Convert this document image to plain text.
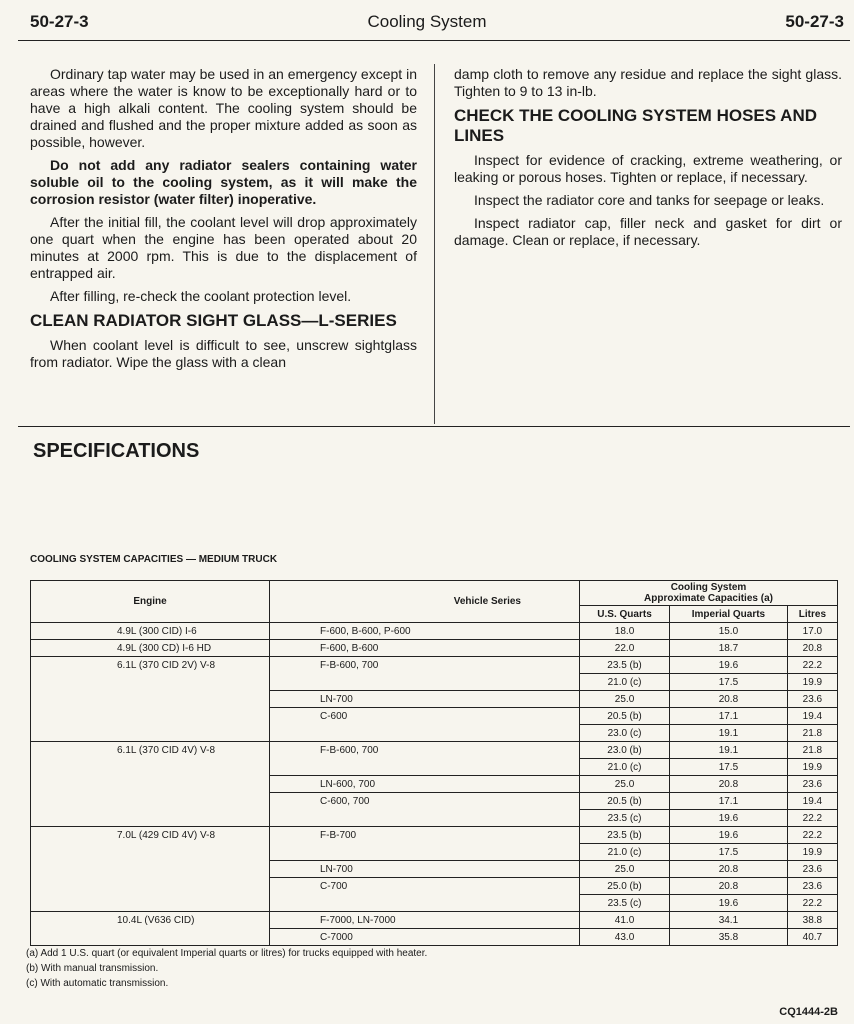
50-27-3	Cooling System	50-27-3

Ordinary tap water may be used in an emergency except in areas where the water is know to be exceptionally hard or to have a high alkali content. The cooling system should be drained and flushed and the proper mixture added as soon as possible, however.

Do not add any radiator sealers containing water soluble oil to the cooling system, as it will make the corrosion resistor (water filter) inoperative.

After the initial fill, the coolant level will drop approximately one quart when the engine has been operated about 20 minutes at 2000 rpm. This is due to the displacement of entrapped air.

After filling, re-check the coolant protection level.

CLEAN RADIATOR SIGHT GLASS—L-SERIES

When coolant level is difficult to see, unscrew sightglass from radiator. Wipe the glass with a clean

damp cloth to remove any residue and replace the sight glass. Tighten to 9 to 13 in-lb.

CHECK THE COOLING SYSTEM HOSES AND LINES

Inspect for evidence of cracking, extreme weathering, or leaking or porous hoses. Tighten or replace, if necessary.

Inspect the radiator core and tanks for seepage or leaks.

Inspect radiator cap, filler neck and gasket for dirt or damage. Clean or replace, if necessary.

SPECIFICATIONS
COOLING SYSTEM CAPACITIES — MEDIUM TRUCK
Engine	Vehicle Series	Cooling System
Approximate Capacities (a)		

		U.S. Quarts	Imperial Quarts	Litres
4.9L (300 CID) I-6	F-600, B-600, P-600	18.0	15.0	17.0
4.9L (300 CD) I-6 HD	F-600, B-600	22.0	18.7	20.8
6.1L (370 CID 2V) V-8	F-B-600, 700	23.5 (b)	19.6	22.2
		21.0 (c)	17.5	19.9
	LN-700	25.0	20.8	23.6
	C-600	20.5 (b)	17.1	19.4
		23.0 (c)	19.1	21.8
6.1L (370 CID 4V) V-8	F-B-600, 700	23.0 (b)	19.1	21.8
		21.0 (c)	17.5	19.9
	LN-600, 700	25.0	20.8	23.6
	C-600, 700	20.5 (b)	17.1	19.4
		23.5 (c)	19.6	22.2
7.0L (429 CID 4V) V-8	F-B-700	23.5 (b)	19.6	22.2
		21.0 (c)	17.5	19.9
	LN-700	25.0	20.8	23.6
	C-700	25.0 (b)	20.8	23.6
		23.5 (c)	19.6	22.2
10.4L (V636 CID)	F-7000, LN-7000	41.0	34.1	38.8
	C-7000	43.0	35.8	40.7
(a) Add 1 U.S. quart (or equivalent Imperial quarts or litres) for trucks equipped with heater.
(b) With manual transmission.
(c) With automatic transmission.
CQ1444-2B
